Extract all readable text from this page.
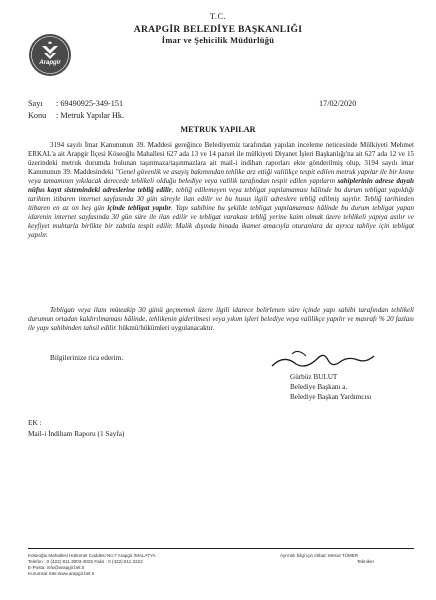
T.C.
ARAPGİR BELEDİYE BAŞKANLIĞI
İmar ve Şehicilik Müdürlüğü
Arapgir
Sayı : 69490925-349-151
Konu : Metruk Yapılar Hk.
17/02/2020
METRUK YAPILAR

3194 sayılı İmar Kanununun 39. Maddesi gereğince Belediyemiz tarafından yapılan inceleme neticesinde Mülkiyeti Mehmet ERKAL'a ait Arapgir İlçesi Köseoğlu Mahallesi 627 ada 13 ve 14 parsel ile mülkiyeti Diyanet İşleri Başkanlığı'na ait 627 ada 12 ve 15 üzerindeki metruk durumda bulunan taşınmaza/taşınmazlara ait mail-i indihan raporları ekte gönderilmiş olup, 3194 sayılı imar Kanununun 39. Maddesindeki "Genel güvenlik ve asayiş bakımından tehlike arz ettiği valilikçe tespit edilen metruk yapılar ile bir kısmı veya tamamının yıkılacak derecede tehlikeli olduğu belediye veya valilik tarafından tespit edilen yapıların sahiplerinin adrese dayalı nüfus kayıt sistemindeki adreslerine tebliğ edilir, tebliğ edilemeyen veya tebligat yapılamaması hâlinde bu durum tebligat yapıldığı tarihten itibaren internet sayfasında 30 gün süreyle ilan edilir ve bu husus ilgili adreslere tebliğ edilmiş sayılır. Tebliğ tarihinden itibaren en az on beş gün içinde tebligat yapılır. Yapı sahibine bu şekilde tebligat yapılamaması hâlinde bu durum tebligat yapan idarenin internet sayfasında 30 gün süre ile ilan edilir ve tebligat varakası tebliğ yerine kaim olmak üzere tehlikeli yapıya asılır ve keyfiyet muhtarla birlikte bir zabıtla tespit edilir. Malik dışında binada ikamet amacıyla oturanlara da ayrıca tahliye için tebligat yapılır.

Tebligatı veya ilanı müteakip 30 günü geçmemek üzere ilgili idarece belirlenen süre içinde yapı sahibi tarafından tehlikeli durumun ortadan kaldırılmaması hâlinde, tehlikenin giderilmesi veya yıkım işleri belediye veya valilikçe yapılır ve masrafı % 20 fazlası ile yapı sahibinden tahsil edilir. hükmü/hükümleri uygulanacaktır.

Bilgilerinize rica ederim.
Gürbüz BULUT
Belediye Başkanı a.
Belediye Başkan Yardımcısı
EK :
Mail-i İndiham Raporu (1 Sayfa)
Köseoğlu Mahallesi Hükümet Caddesi No:7 Arapgir /MALATYA
Telefon : 0 (422) 811 3003-3025 Faks : 0 (422) 811 3222
E-Posta: info@arapgir.bel.tr
Kurumsal Site:www.arapgir.bel.tr
Ayrıntılı bilgi için irtibat: Mesut TÜMER
Tekniker
